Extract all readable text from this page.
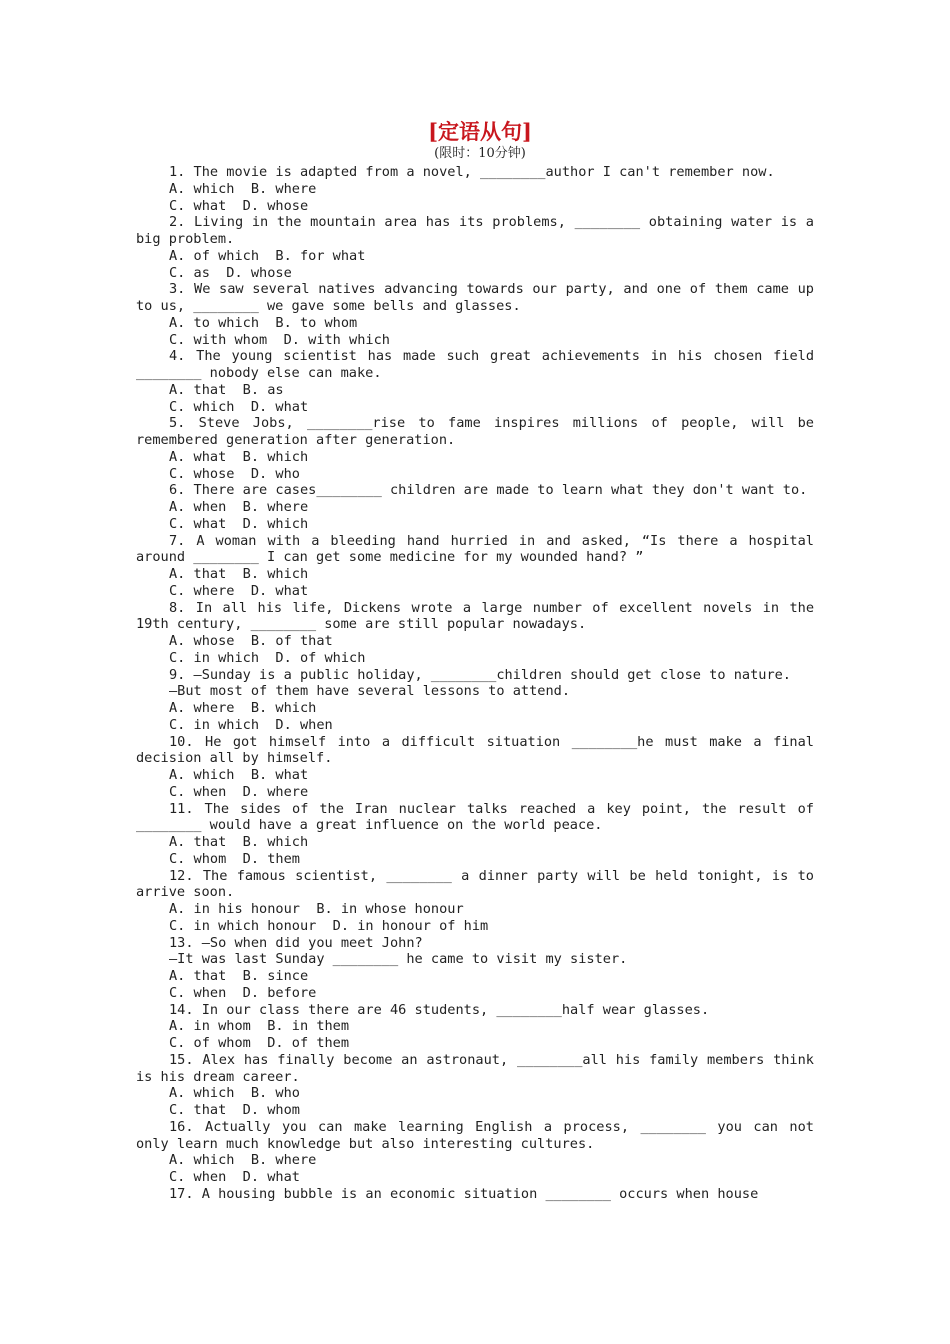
[定语从句]
(限时：10分钟)

1. The movie is adapted from a novel, ________author I can't remember now.

A. which  B. where

C. what  D. whose

2. Living in the mountain area has its problems, ________ obtaining water is a big problem.

A. of which  B. for what

C. as  D. whose

3. We saw several natives advancing towards our party, and one of them came up to us, ________ we gave some bells and glasses.

A. to which  B. to whom

C. with whom  D. with which

4. The young scientist has made such great achievements in his chosen field ________ nobody else can make.

A. that  B. as

C. which  D. what

5. Steve Jobs, ________rise to fame inspires millions of people, will be remembered generation after generation.

A. what  B. which

C. whose  D. who

6. There are cases________ children are made to learn what they don't want to.

A. when  B. where

C. what  D. which

7. A woman with a bleeding hand hurried in and asked, “Is there a hospital around ________ I can get some medicine for my wounded hand? ”

A. that  B. which

C. where  D. what

8. In all his life, Dickens wrote a large number of excellent novels in the 19th century, ________ some are still popular nowadays.

A. whose  B. of that

C. in which  D. of which

9. —Sunday is a public holiday, ________children should get close to nature.

—But most of them have several lessons to attend.

A. where  B. which

C. in which  D. when

10. He got himself into a difficult situation ________he must make a final decision all by himself.

A. which  B. what

C. when  D. where

11. The sides of the Iran nuclear talks reached a key point, the result of ________ would have a great influence on the world peace.

A. that  B. which

C. whom  D. them

12. The famous scientist, ________ a dinner party will be held tonight, is to arrive soon.

A. in his honour  B. in whose honour

C. in which honour  D. in honour of him

13. —So when did you meet John?

—It was last Sunday ________ he came to visit my sister.

A. that  B. since

C. when  D. before

14. In our class there are 46 students, ________half wear glasses.

A. in whom  B. in them

C. of whom  D. of them

15. Alex has finally become an astronaut, ________all his family members think is his dream career.

A. which  B. who

C. that  D. whom

16. Actually you can make learning English a process, ________ you can not only learn much knowledge but also interesting cultures.

A. which  B. where

C. when  D. what

17. A housing bubble is an economic situation ________ occurs when house
